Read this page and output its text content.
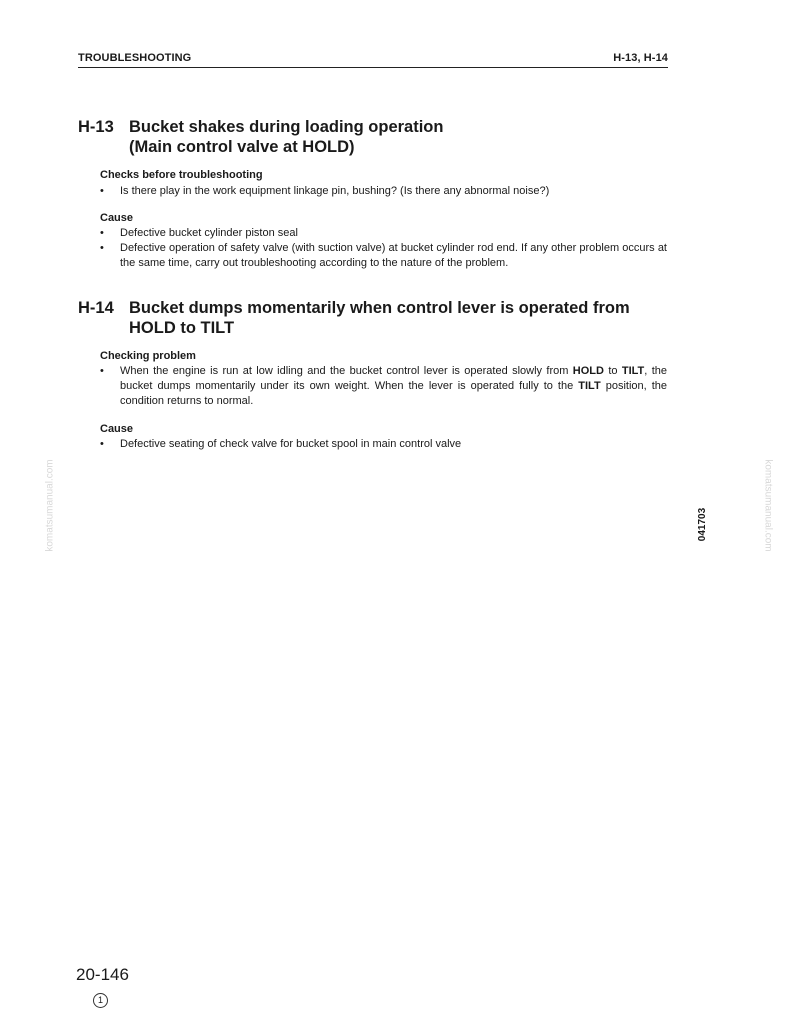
TROUBLESHOOTING	H-13, H-14
H-13 Bucket shakes during loading operation
(Main control valve at HOLD)
Checks before troubleshooting
• Is there play in the work equipment linkage pin, bushing? (Is there any abnormal noise?)
Cause
• Defective bucket cylinder piston seal
• Defective operation of safety valve (with suction valve) at bucket cylinder rod end. If any other problem occurs at the same time, carry out troubleshooting according to the nature of the problem.
H-14 Bucket dumps momentarily when control lever is operated from
HOLD to TILT
Checking problem
• When the engine is run at low idling and the bucket control lever is operated slowly from HOLD to TILT, the bucket dumps momentarily under its own weight. When the lever is operated fully to the TILT position, the condition returns to normal.
Cause
• Defective seating of check valve for bucket spool in main control valve
041703
komatsumanual.com	komatsumanual.com
20-146
1
